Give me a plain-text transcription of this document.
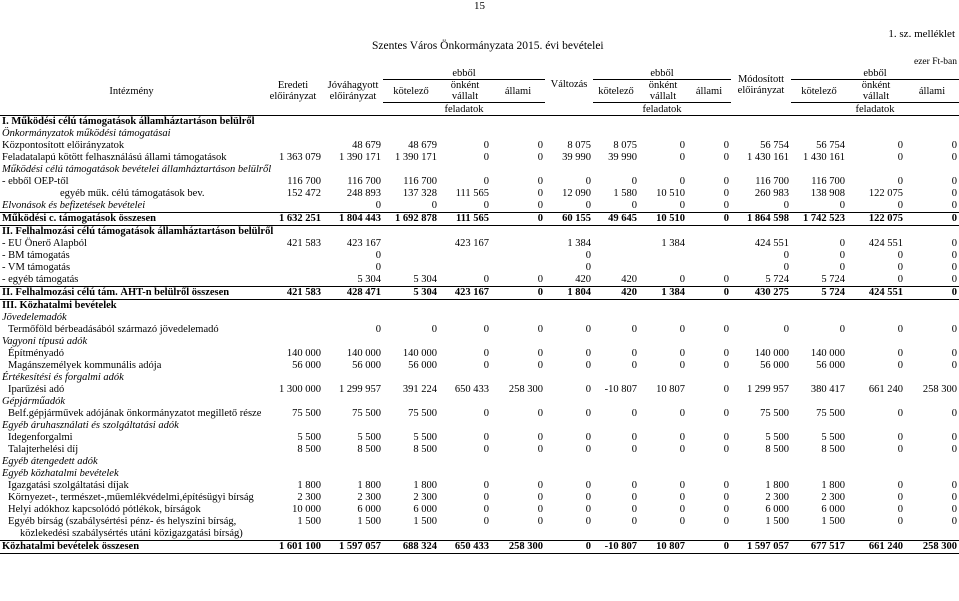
15
Szentes Város Önkormányzata 2015. évi bevételei
1. sz. melléklet
ezer Ft-ban
Intézmény	Eredeti előirányzat	Jóváhagyott előirányzat	ebből			Változás	ebből			Módosított előirányzat	ebből		
			kötelező	önként vállalt	állami		kötelező	önként vállalt	állami		kötelező	önként vállalt	állami
			feladatok				feladatok				feladatok		
I. Működési célú támogatások államháztartáson belülről													
Önkormányzatok működési támogatásai													
Központosított előirányzatok		48 679	48 679	0	0	8 075	8 075	0	0	56 754	56 754	0	0
Feladatalapú kötött felhasználású állami támogatások	1 363 079	1 390 171	1 390 171	0	0	39 990	39 990	0	0	1 430 161	1 430 161	0	0
Működési célú támogatások bevételei államháztartáson belülről													
- ebből OEP-től	116 700	116 700	116 700	0	0	0	0	0	0	116 700	116 700	0	0
egyéb műk. célú támogatások bev.	152 472	248 893	137 328	111 565	0	12 090	1 580	10 510	0	260 983	138 908	122 075	0
Elvonások és befizetések bevételei		0	0	0	0	0	0	0	0	0	0	0	0
Működési c. támogatások összesen	1 632 251	1 804 443	1 692 878	111 565	0	60 155	49 645	10 510	0	1 864 598	1 742 523	122 075	0
II. Felhalmozási célú támogatások államháztartáson belülről													
- EU Önerő Alapból	421 583	423 167		423 167		1 384		1 384		424 551	0	424 551	0
- BM támogatás		0				0				0	0	0	0
- VM támogatás		0				0				0	0	0	0
- egyéb támogatás		5 304	5 304	0	0	420	420	0	0	5 724	5 724	0	0
II. Felhalmozási célú tám. ÁHT-n belülről összesen	421 583	428 471	5 304	423 167	0	1 804	420	1 384	0	430 275	5 724	424 551	0
III. Közhatalmi bevételek													
Jövedelemadók													
Termőföld bérbeadásából származó jövedelemadó		0	0	0	0	0	0	0	0	0	0	0	0
Vagyoni típusú adók													
Építményadó	140 000	140 000	140 000	0	0	0	0	0	0	140 000	140 000	0	0
Magánszemélyek kommunális adója	56 000	56 000	56 000	0	0	0	0	0	0	56 000	56 000	0	0
Értékesítési és forgalmi adók													
Iparűzési adó	1 300 000	1 299 957	391 224	650 433	258 300	0	-10 807	10 807	0	1 299 957	380 417	661 240	258 300
Gépjárműadók													
Belf.gépjárművek adójának önkormányzatot megillető része	75 500	75 500	75 500	0	0	0	0	0	0	75 500	75 500	0	0
Egyéb áruhasználati és szolgáltatási adók													
Idegenforgalmi	5 500	5 500	5 500	0	0	0	0	0	0	5 500	5 500	0	0
Talajterhelési díj	8 500	8 500	8 500	0	0	0	0	0	0	8 500	8 500	0	0
Egyéb átengedett adók													
Egyéb közhatalmi bevételek													
Igazgatási szolgáltatási díjak	1 800	1 800	1 800	0	0	0	0	0	0	1 800	1 800	0	0
Környezet-, természet-,műemlékvédelmi,építésügyi bírság	2 300	2 300	2 300	0	0	0	0	0	0	2 300	2 300	0	0
Helyi adókhoz kapcsolódó pótlékok, bírságok	10 000	6 000	6 000	0	0	0	0	0	0	6 000	6 000	0	0
Egyéb bírság (szabálysértési pénz- és helyszíni bírság,	1 500	1 500	1 500	0	0	0	0	0	0	1 500	1 500	0	0
közlekedési szabálysértés utáni közigazgatási bírság)													
Közhatalmi bevételek összesen	1 601 100	1 597 057	688 324	650 433	258 300	0	-10 807	10 807	0	1 597 057	677 517	661 240	258 300
